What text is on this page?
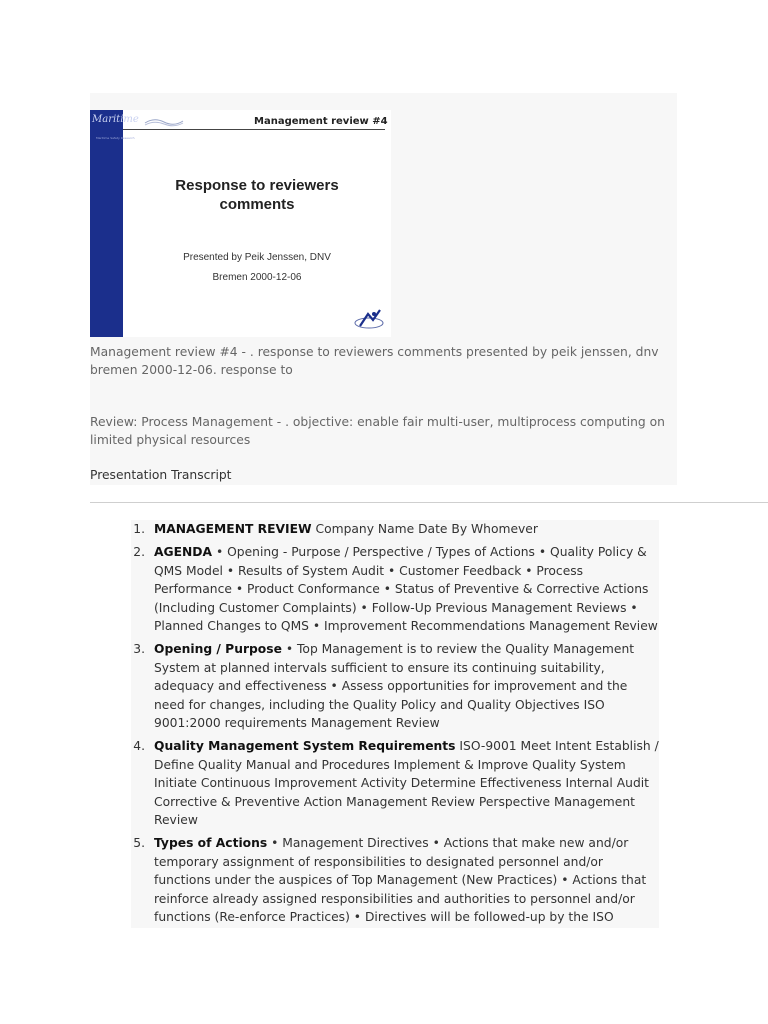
Maritime
Maritime Safety Research
Management review #4
Response to reviewers
comments
Presented by Peik Jenssen, DNV
Bremen 2000-12-06
Management review #4 - . response to reviewers comments presented by peik jenssen, dnv bremen 2000-12-06. response to
Review: Process Management - . objective: enable fair multi-user, multiprocess computing on limited physical resources
Presentation Transcript
1. MANAGEMENT REVIEW Company Name Date By Whomever
2. AGENDA • Opening - Purpose / Perspective / Types of Actions • Quality Policy & QMS Model • Results of System Audit • Customer Feedback • Process Performance • Product Conformance • Status of Preventive & Corrective Actions (Including Customer Complaints) • Follow-Up Previous Management Reviews • Planned Changes to QMS • Improvement Recommendations Management Review
3. Opening / Purpose • Top Management is to review the Quality Management System at planned intervals sufficient to ensure its continuing suitability, adequacy and effectiveness • Assess opportunities for improvement and the need for changes, including the Quality Policy and Quality Objectives ISO 9001:2000 requirements Management Review
4. Quality Management System Requirements ISO-9001 Meet Intent Establish / Define Quality Manual and Procedures Implement & Improve Quality System Initiate Continuous Improvement Activity Determine Effectiveness Internal Audit Corrective & Preventive Action Management Review Perspective Management Review
5. Types of Actions • Management Directives • Actions that make new and/or temporary assignment of responsibilities to designated personnel and/or functions under the auspices of Top Management (New Practices) • Actions that reinforce already assigned responsibilities and authorities to personnel and/or functions (Re-enforce Practices) • Directives will be followed-up by the ISO
